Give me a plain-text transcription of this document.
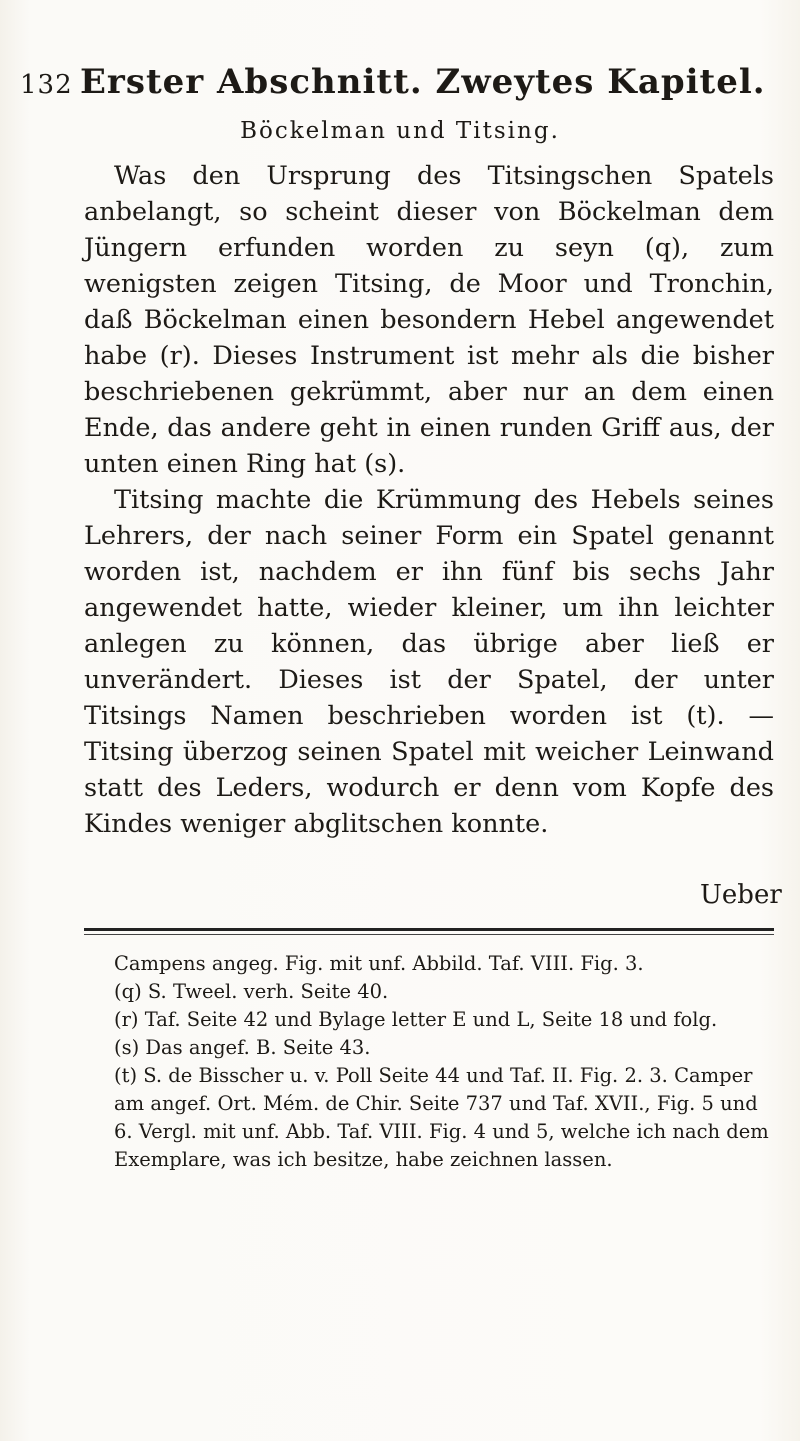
132 Erster Abschnitt. Zweytes Kapitel.
Böckelman und Titsing.

Was den Ursprung des Titsingschen Spatels anbelangt, so scheint dieser von Böckelman dem Jüngern erfunden worden zu seyn (q), zum wenigsten zeigen Titsing, de Moor und Tronchin, daß Böckelman einen besondern Hebel angewendet habe (r). Dieses Instrument ist mehr als die bisher beschriebenen gekrümmt, aber nur an dem einen Ende, das andere geht in einen runden Griff aus, der unten einen Ring hat (s).

Titsing machte die Krümmung des Hebels seines Lehrers, der nach seiner Form ein Spatel genannt worden ist, nachdem er ihn fünf bis sechs Jahr angewendet hatte, wieder kleiner, um ihn leichter anlegen zu können, das übrige aber ließ er unverändert. Dieses ist der Spatel, der unter Titsings Namen beschrieben worden ist (t). — Titsing überzog seinen Spatel mit weicher Leinwand statt des Leders, wodurch er denn vom Kopfe des Kindes weniger abglitschen konnte.

Ueber

Campens angeg. Fig. mit unf. Abbild. Taf. VIII. Fig. 3.

(q) S. Tweel. verh. Seite 40.

(r) Taf. Seite 42 und Bylage letter E und L, Seite 18 und folg.

(s) Das angef. B. Seite 43.

(t) S. de Bisscher u. v. Poll Seite 44 und Taf. II. Fig. 2. 3. Camper am angef. Ort. Mém. de Chir. Seite 737 und Taf. XVII., Fig. 5 und 6. Vergl. mit unf. Abb. Taf. VIII. Fig. 4 und 5, welche ich nach dem Exemplare, was ich besitze, habe zeichnen lassen.
